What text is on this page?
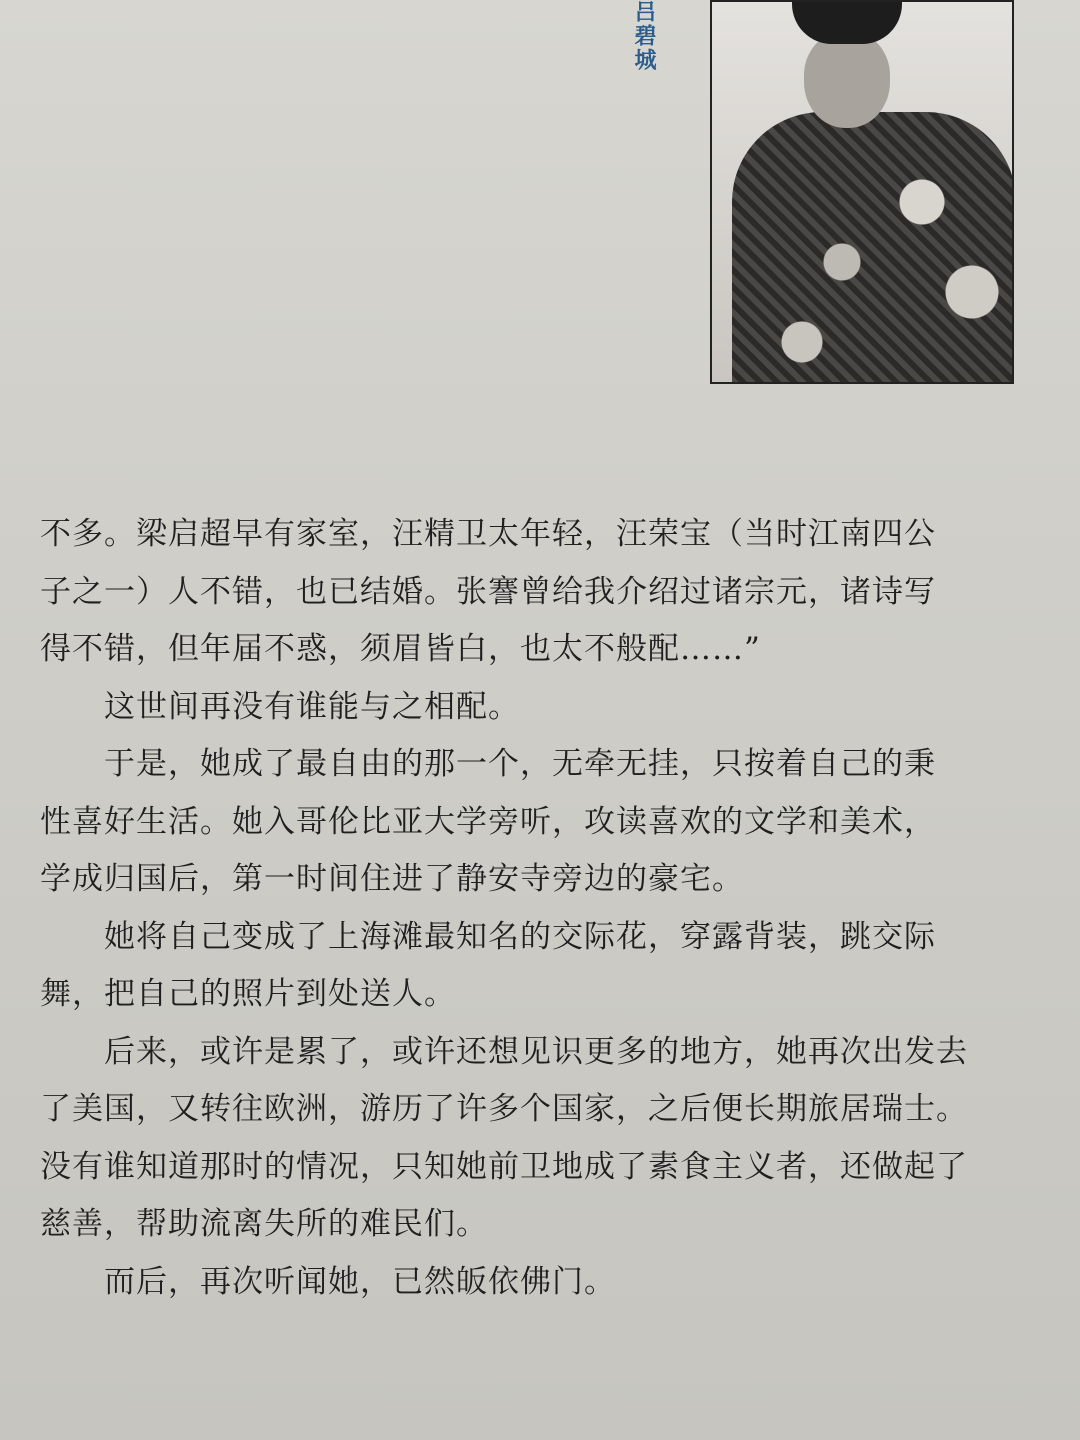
吕碧城
不多。梁启超早有家室，汪精卫太年轻，汪荣宝（当时江南四公
子之一）人不错，也已结婚。张謇曾给我介绍过诸宗元，诸诗写
得不错，但年届不惑，须眉皆白，也太不般配……”
这世间再没有谁能与之相配。
于是，她成了最自由的那一个，无牵无挂，只按着自己的秉
性喜好生活。她入哥伦比亚大学旁听，攻读喜欢的文学和美术，
学成归国后，第一时间住进了静安寺旁边的豪宅。
她将自己变成了上海滩最知名的交际花，穿露背装，跳交际
舞，把自己的照片到处送人。
后来，或许是累了，或许还想见识更多的地方，她再次出发去
了美国，又转往欧洲，游历了许多个国家，之后便长期旅居瑞士。
没有谁知道那时的情况，只知她前卫地成了素食主义者，还做起了
慈善，帮助流离失所的难民们。
而后，再次听闻她，已然皈依佛门。
